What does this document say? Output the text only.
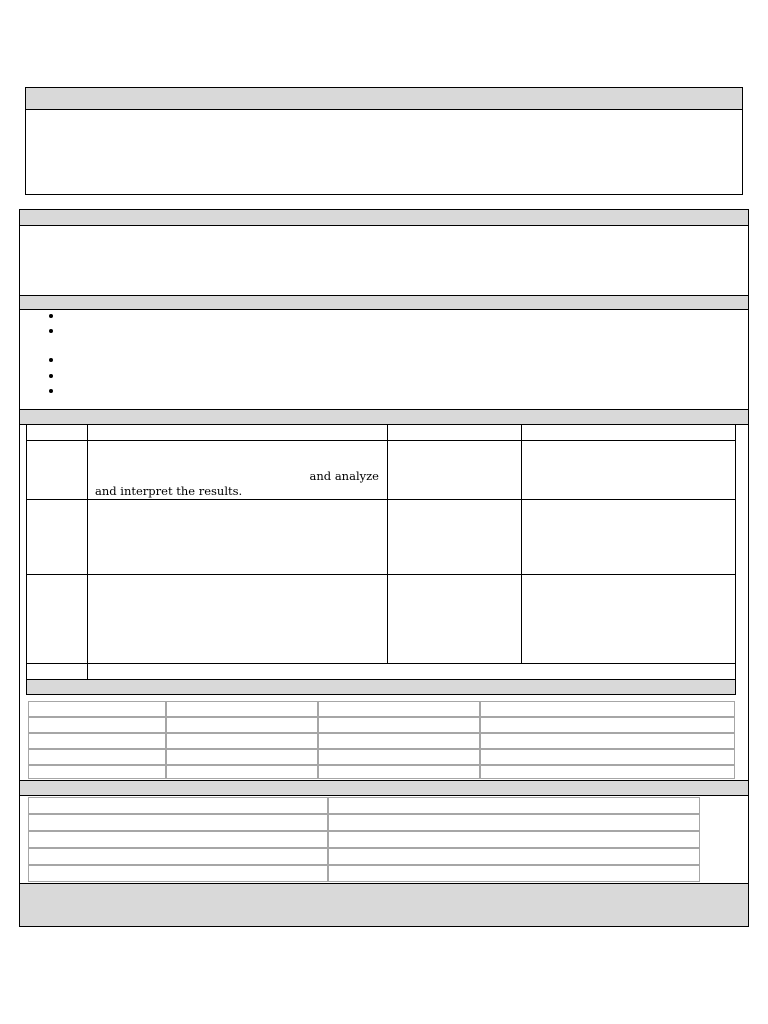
and analyze
and interpret the results.
